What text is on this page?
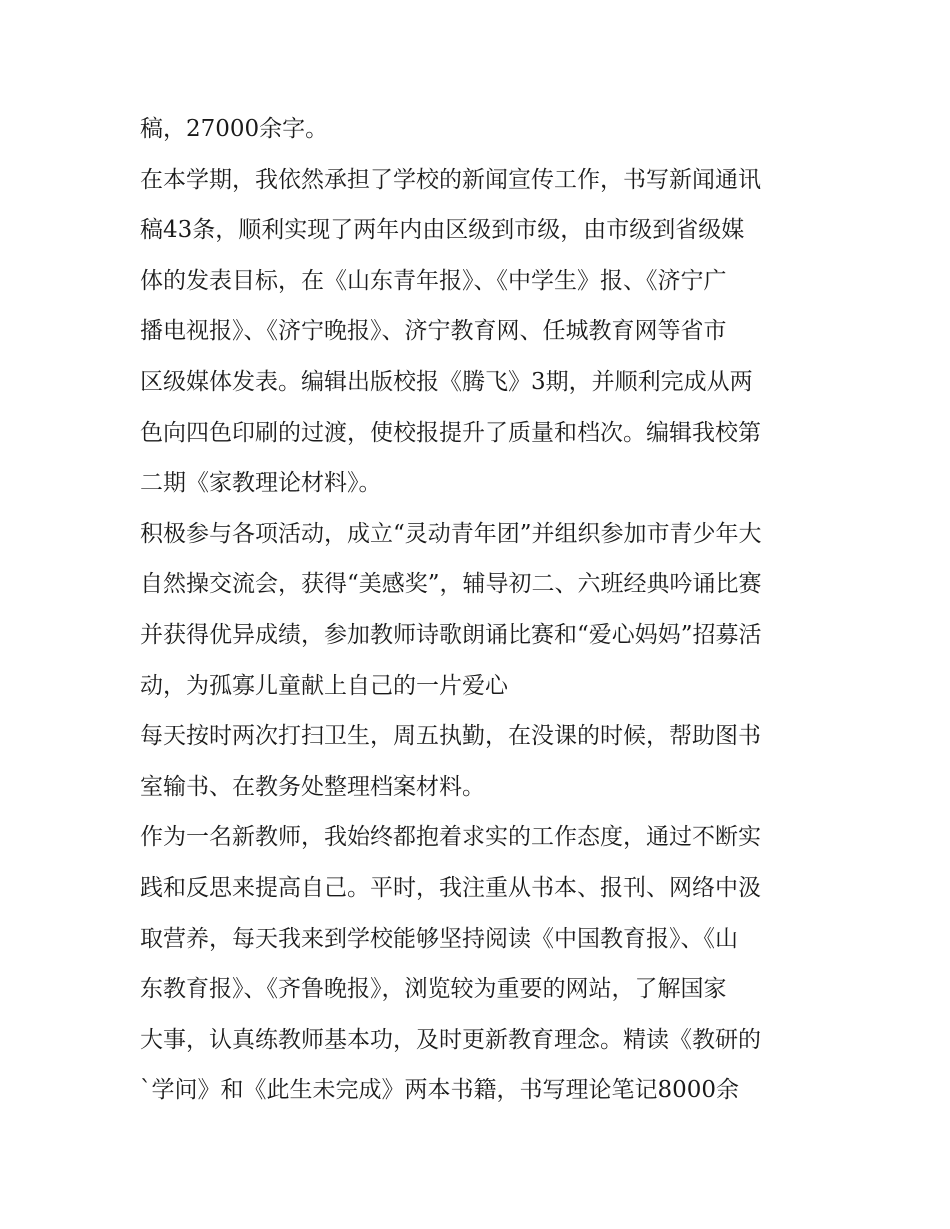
稿，27000余字。
在本学期，我依然承担了学校的新闻宣传工作，书写新闻通讯
稿43条，顺利实现了两年内由区级到市级，由市级到省级媒
体的发表目标，在《山东青年报》、《中学生》报、《济宁广
播电视报》、《济宁晚报》、济宁教育网、任城教育网等省市
区级媒体发表。编辑出版校报《腾飞》3期，并顺利完成从两
色向四色印刷的过渡，使校报提升了质量和档次。编辑我校第
二期《家教理论材料》。
积极参与各项活动，成立“灵动青年团”并组织参加市青少年大
自然操交流会，获得“美感奖”，辅导初二、六班经典吟诵比赛
并获得优异成绩，参加教师诗歌朗诵比赛和“爱心妈妈”招募活
动，为孤寡儿童献上自己的一片爱心
每天按时两次打扫卫生，周五执勤，在没课的时候，帮助图书
室输书、在教务处整理档案材料。
作为一名新教师，我始终都抱着求实的工作态度，通过不断实
践和反思来提高自己。平时，我注重从书本、报刊、网络中汲
取营养，每天我来到学校能够坚持阅读《中国教育报》、《山
东教育报》、《齐鲁晚报》，浏览较为重要的网站，了解国家
大事，认真练教师基本功，及时更新教育理念。精读《教研的
`学问》和《此生未完成》两本书籍，书写理论笔记8000余
